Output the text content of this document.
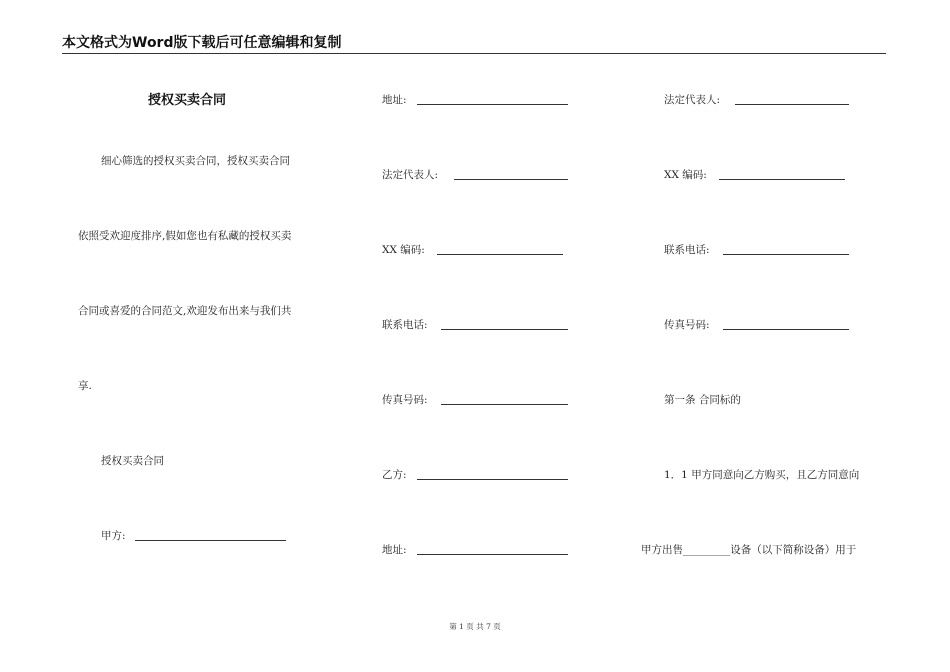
本文格式为Word版下载后可任意编辑和复制
授权买卖合同
细心筛选的授权买卖合同，授权买卖合同
依照受欢迎度排序,假如您也有私藏的授权买卖
合同或喜爱的合同范文,欢迎发布出来与我们共
享.
授权买卖合同
甲方:
地址:
法定代表人:
XX 编码:
联系电话:
传真号码:
乙方:
地址:
法定代表人:
XX 编码:
联系电话:
传真号码:
第一条 合同标的
1．1 甲方同意向乙方购买，且乙方同意向
甲方出售_________设备（以下简称设备）用于
第 1 页 共 7 页
